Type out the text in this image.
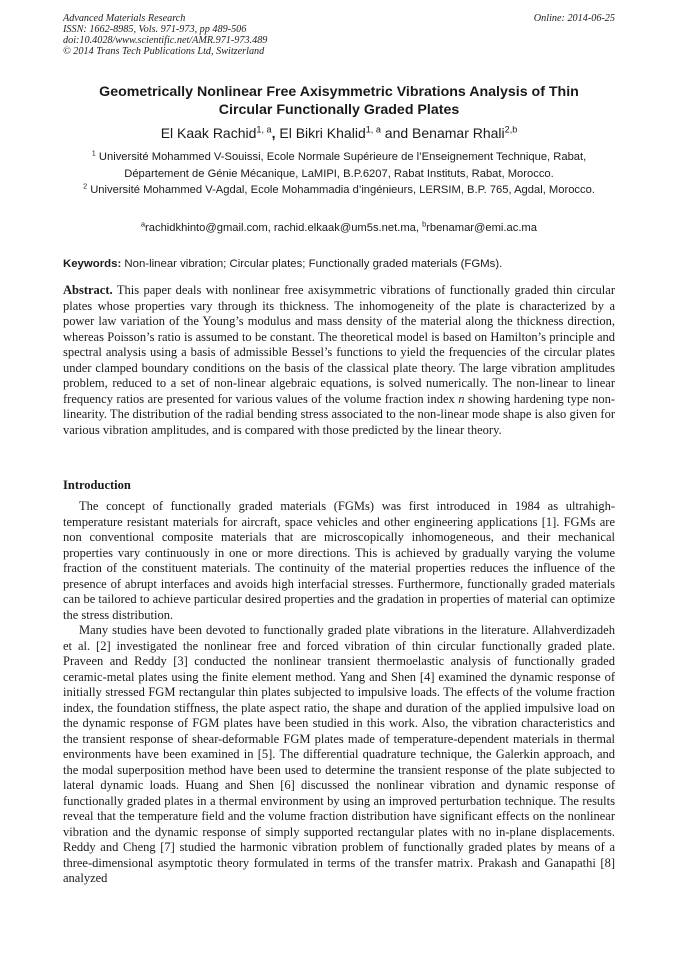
Advanced Materials Research
ISSN: 1662-8985, Vols. 971-973, pp 489-506
doi:10.4028/www.scientific.net/AMR.971-973.489
© 2014 Trans Tech Publications Ltd, Switzerland
Online: 2014-06-25
Geometrically Nonlinear Free Axisymmetric Vibrations Analysis of Thin
Circular Functionally Graded Plates
El Kaak Rachid$^{1, a}$, El Bikri Khalid$^{1, a}$ and Benamar Rhali$^{2,b}$
$^1$ Université Mohammed V-Souissi, Ecole Normale Supérieure de l’Enseignement Technique, Rabat, Département de Génie Mécanique, LaMIPI, B.P.6207, Rabat Instituts, Rabat, Morocco.
$^2$ Université Mohammed V-Agdal, Ecole Mohammadia d’ingénieurs, LERSIM, B.P. 765, Agdal, Morocco.
$^a$rachidkhinto@gmail.com, rachid.elkaak@um5s.net.ma, $^b$rbenamar@emi.ac.ma
Keywords: Non-linear vibration; Circular plates; Functionally graded materials (FGMs).
Abstract. This paper deals with nonlinear free axisymmetric vibrations of functionally graded thin circular plates whose properties vary through its thickness. The inhomogeneity of the plate is characterized by a power law variation of the Young’s modulus and mass density of the material along the thickness direction, whereas Poisson’s ratio is assumed to be constant. The theoretical model is based on Hamilton’s principle and spectral analysis using a basis of admissible Bessel’s functions to yield the frequencies of the circular plates under clamped boundary conditions on the basis of the classical plate theory. The large vibration amplitudes problem, reduced to a set of non-linear algebraic equations, is solved numerically. The non-linear to linear frequency ratios are presented for various values of the volume fraction index n showing hardening type non-linearity. The distribution of the radial bending stress associated to the non-linear mode shape is also given for various vibration amplitudes, and is compared with those predicted by the linear theory.
Introduction

The concept of functionally graded materials (FGMs) was first introduced in 1984 as ultrahigh-temperature resistant materials for aircraft, space vehicles and other engineering applications [1]. FGMs are non conventional composite materials that are microscopically inhomogeneous, and their mechanical properties vary continuously in one or more directions. This is achieved by gradually varying the volume fraction of the constituent materials. The continuity of the material properties reduces the influence of the presence of abrupt interfaces and avoids high interfacial stresses. Furthermore, functionally graded materials can be tailored to achieve particular desired properties and the gradation in properties of material can optimize the stress distribution.

Many studies have been devoted to functionally graded plate vibrations in the literature. Allahverdizadeh et al. [2] investigated the nonlinear free and forced vibration of thin circular functionally graded plate. Praveen and Reddy [3] conducted the nonlinear transient thermoelastic analysis of functionally graded ceramic-metal plates using the finite element method. Yang and Shen [4] examined the dynamic response of initially stressed FGM rectangular thin plates subjected to impulsive loads. The effects of the volume fraction index, the foundation stiffness, the plate aspect ratio, the shape and duration of the applied impulsive load on the dynamic response of FGM plates have been studied in this work. Also, the vibration characteristics and the transient response of shear-deformable FGM plates made of temperature-dependent materials in thermal environments have been examined in [5]. The differential quadrature technique, the Galerkin approach, and the modal superposition method have been used to determine the transient response of the plate subjected to lateral dynamic loads. Huang and Shen [6] discussed the nonlinear vibration and dynamic response of functionally graded plates in a thermal environment by using an improved perturbation technique. The results reveal that the temperature field and the volume fraction distribution have significant effects on the nonlinear vibration and the dynamic response of simply supported rectangular plates with no in-plane displacements. Reddy and Cheng [7] studied the harmonic vibration problem of functionally graded plates by means of a three-dimensional asymptotic theory formulated in terms of the transfer matrix. Prakash and Ganapathi [8] analyzed
